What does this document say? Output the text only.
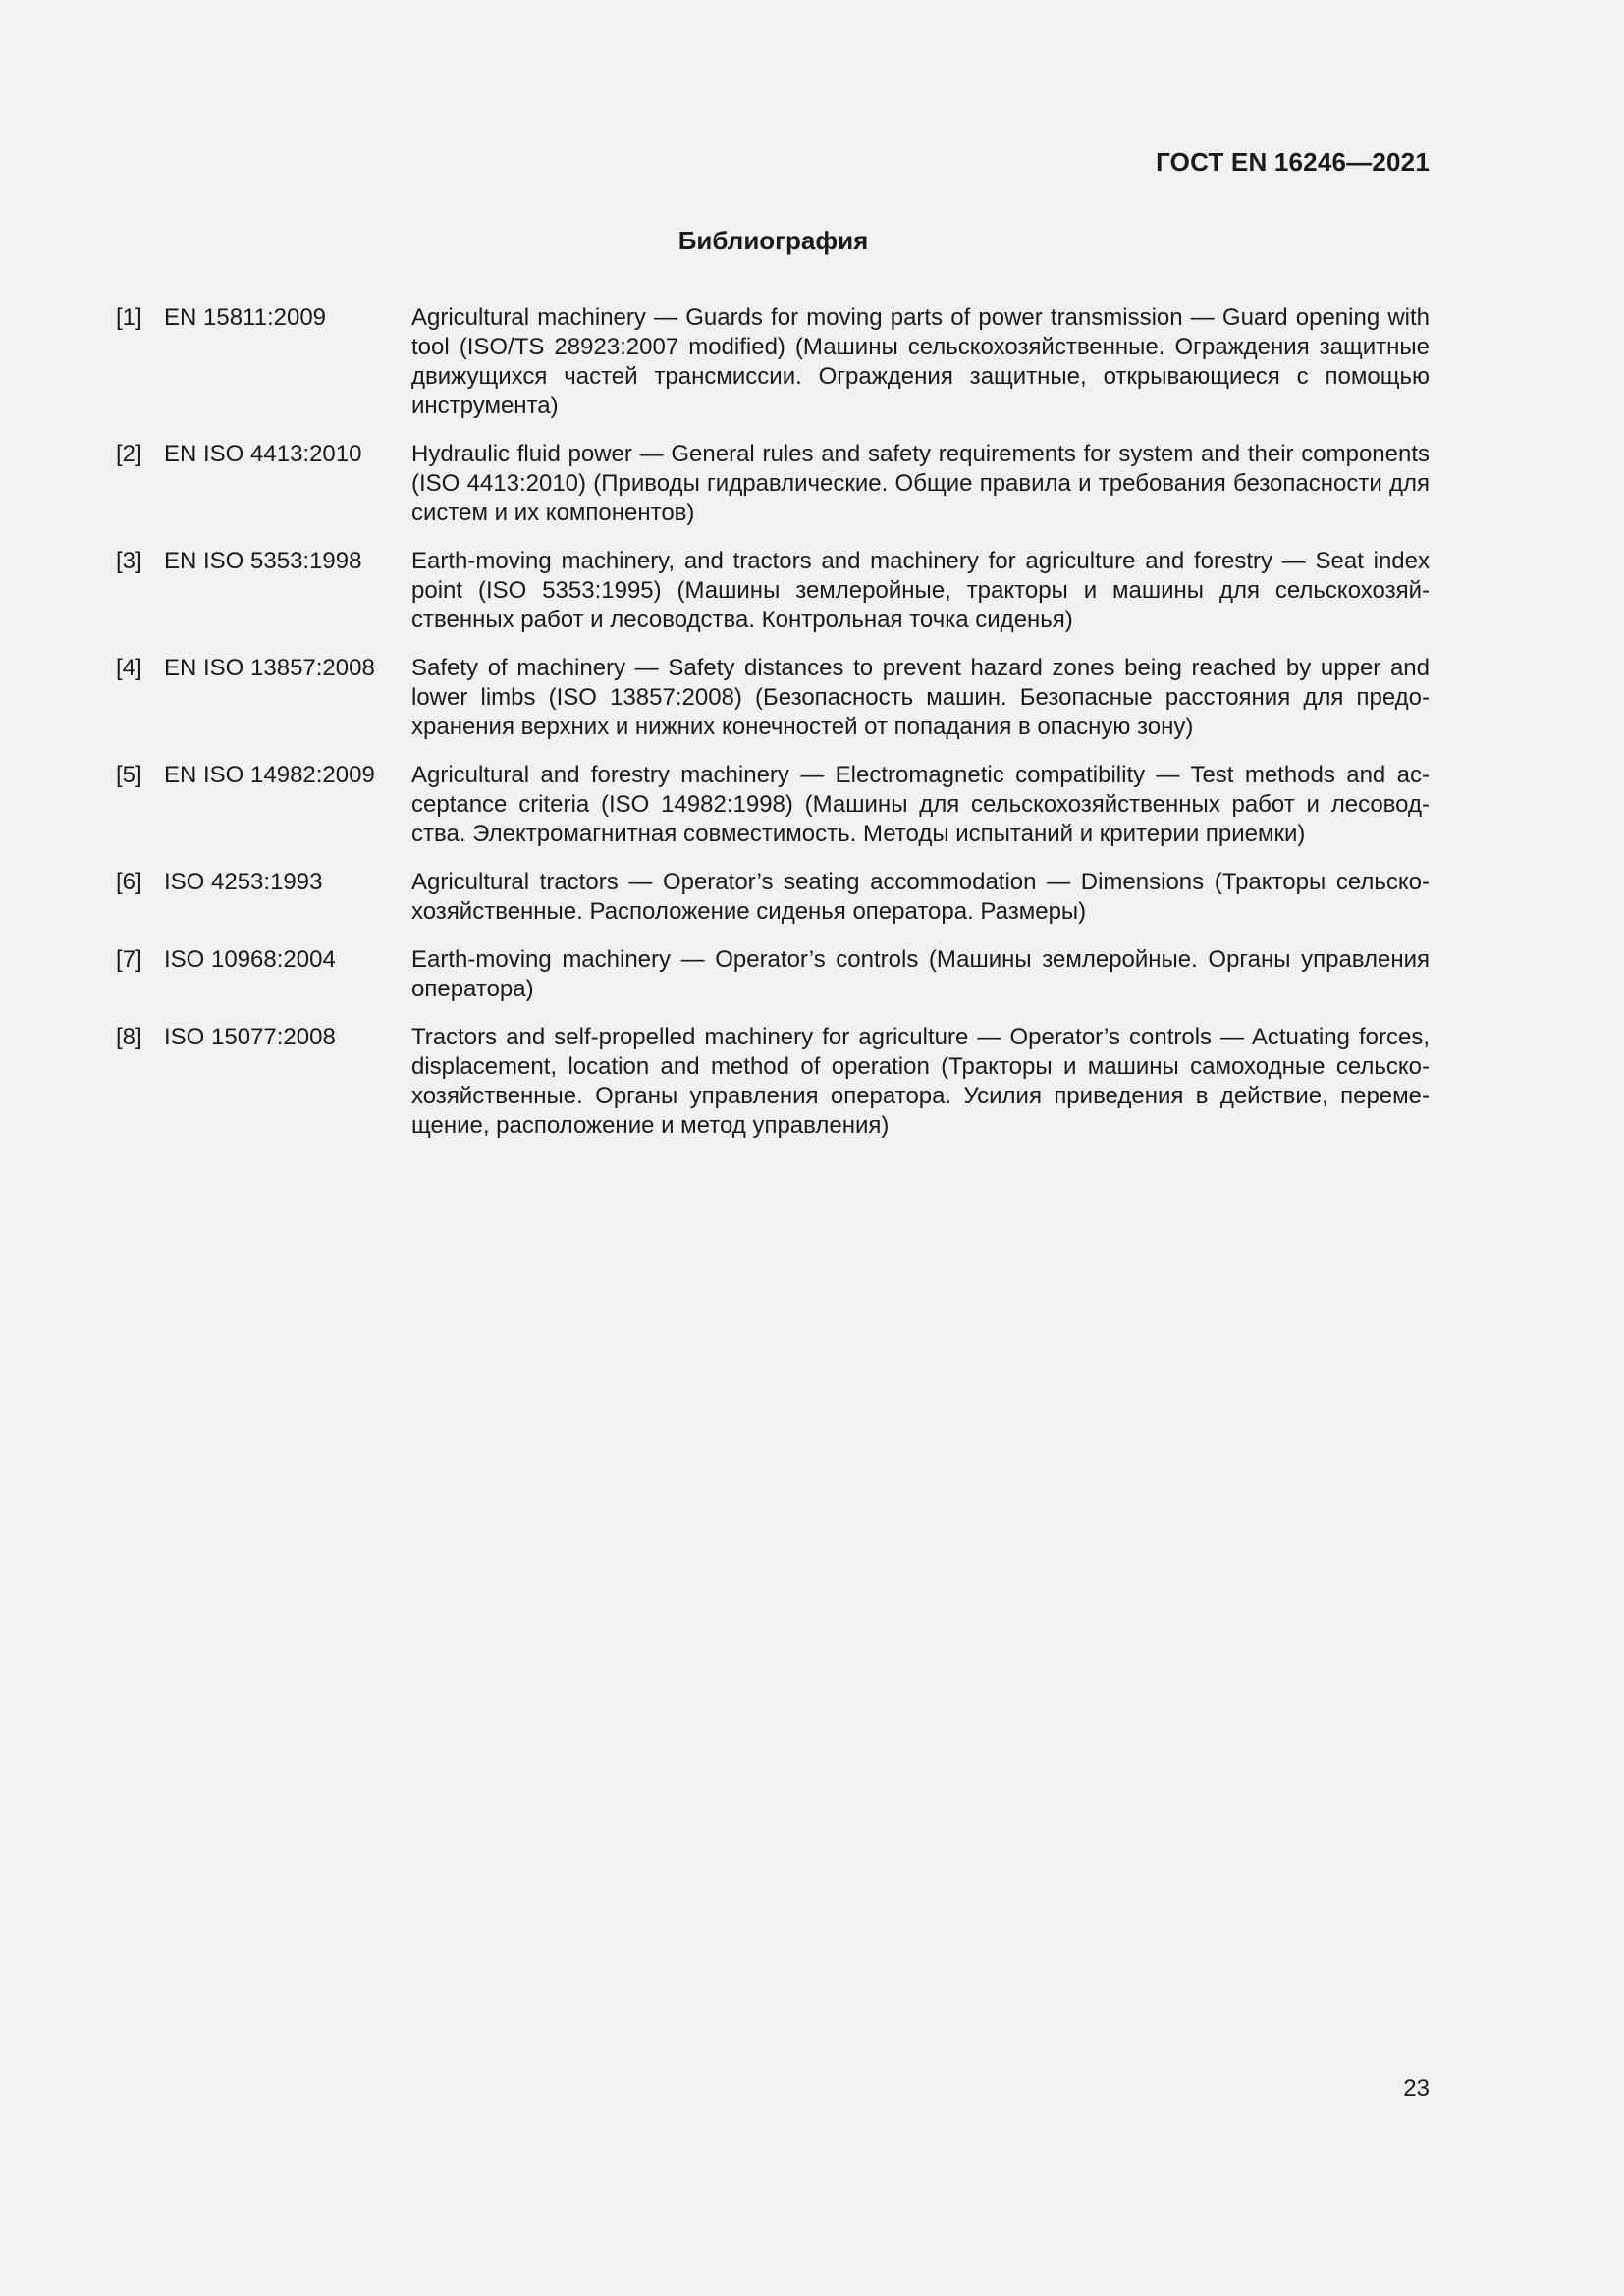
ГОСТ EN 16246—2021
Библиография
[1] EN 15811:2009	Agricultural machinery — Guards for moving parts of power transmission — Guard opening with tool (ISO/TS 28923:2007 modified) (Машины сельскохозяйственные. Ограждения защитные движущихся частей трансмиссии. Ограждения защитные, открывающиеся с помощью инструмента)
[2] EN ISO 4413:2010	Hydraulic fluid power — General rules and safety requirements for system and their components (ISO 4413:2010) (Приводы гидравлические. Общие правила и требования безопасности для систем и их компонентов)
[3] EN ISO 5353:1998	Earth-moving machinery, and tractors and machinery for agriculture and forestry — Seat index point (ISO 5353:1995) (Машины землеройные, тракторы и машины для сельскохозяйственных работ и лесоводства. Контрольная точка сиденья)
[4] EN ISO 13857:2008	Safety of machinery — Safety distances to prevent hazard zones being reached by upper and lower limbs (ISO 13857:2008) (Безопасность машин. Безопасные расстояния для предохранения верхних и нижних конечностей от попадания в опасную зону)
[5] EN ISO 14982:2009	Agricultural and forestry machinery — Electromagnetic compatibility — Test methods and acceptance criteria (ISO 14982:1998) (Машины для сельскохозяйственных работ и лесоводства. Электромагнитная совместимость. Методы испытаний и критерии приемки)
[6] ISO 4253:1993	Agricultural tractors — Operator’s seating accommodation — Dimensions (Тракторы сельскохозяйственные. Расположение сиденья оператора. Размеры)
[7] ISO 10968:2004	Earth-moving machinery — Operator’s controls (Машины землеройные. Органы управления оператора)
[8] ISO 15077:2008	Tractors and self-propelled machinery for agriculture — Operator’s controls — Actuating forces, displacement, location and method of operation (Тракторы и машины самоходные сельскохозяйственные. Органы управления оператора. Усилия приведения в действие, перемещение, расположение и метод управления)
23
